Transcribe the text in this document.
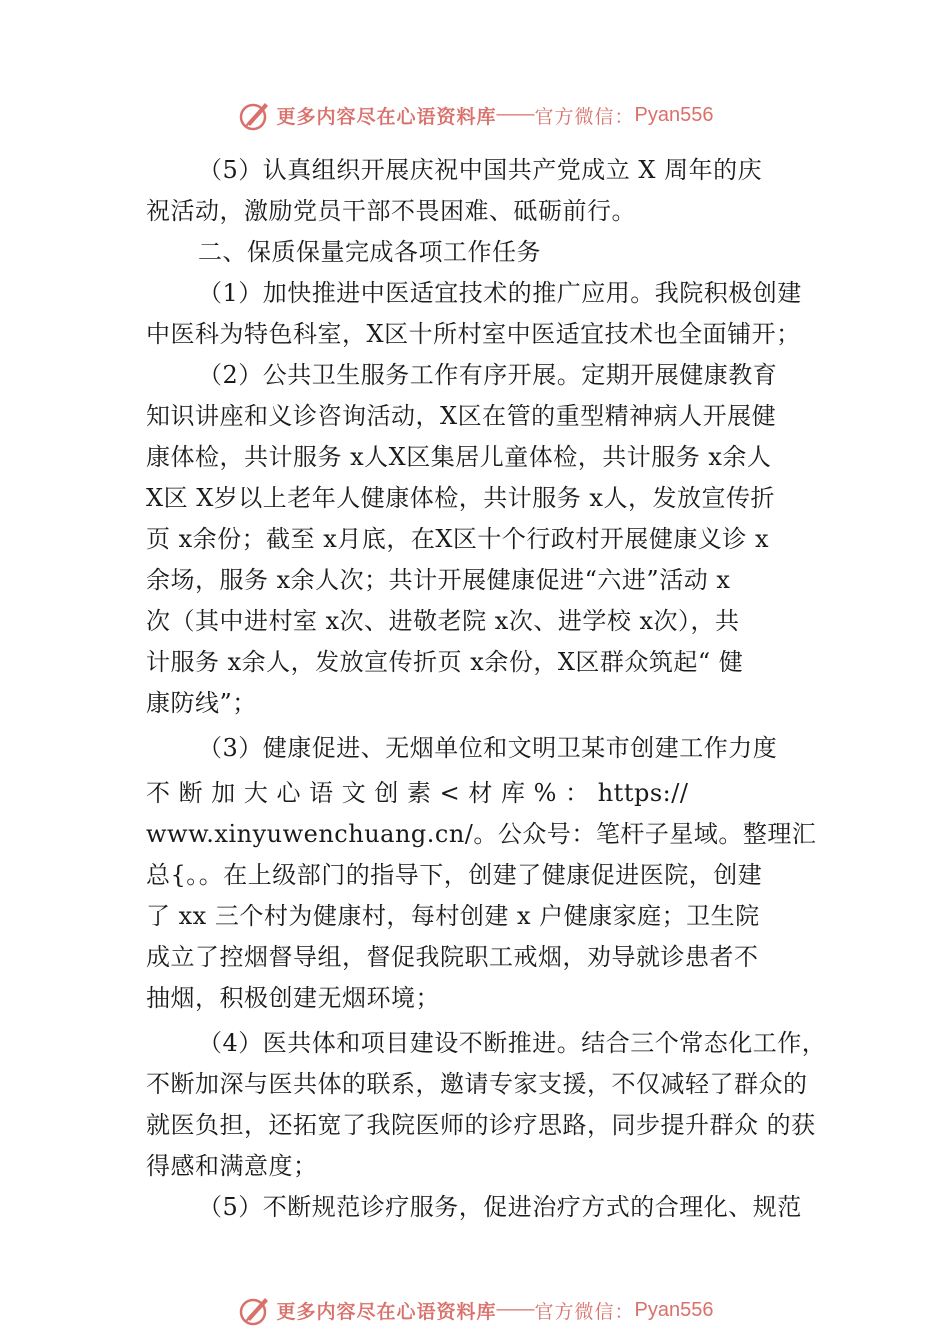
更多内容尽在心语资料库 —— 官方微信： Pyan556
（5）认真组织开展庆祝中国共产党成立 X 周年的庆
祝活动，激励党员干部不畏困难、砥砺前行。
二、保质保量完成各项工作任务
（1）加快推进中医适宜技术的推广应用。我院积极创建
中医科为特色科室，X区十所村室中医适宜技术也全面铺开；
（2）公共卫生服务工作有序开展。定期开展健康教育
知识讲座和义诊咨询活动，X区在管的重型精神病人开展健
康体检，共计服务 x人X区集居儿童体检，共计服务 x余人
X区 X岁以上老年人健康体检，共计服务 x人，发放宣传折
页 x余份；截至 x月底，在X区十个行政村开展健康义诊 x
余场，服务 x余人次；共计开展健康促进“六进”活动 x
次（其中进村室 x次、进敬老院 x次、进学校 x次），共
计服务 x余人，发放宣传折页 x余份，X区群众筑起“ 健
康防线”；
（3）健康促进、无烟单位和文明卫某市创建工作力度
不 断 加 大 心 语 文 创 素 < 材 库 % ： https://
www.xinyuwenchuang.cn/。公众号：笔杆子星域。整理汇
总{。。在上级部门的指导下，创建了健康促进医院，创建
了 xx 三个村为健康村，每村创建 x 户健康家庭；卫生院
成立了控烟督导组，督促我院职工戒烟，劝导就诊患者不
抽烟，积极创建无烟环境；
（4）医共体和项目建设不断推进。结合三个常态化工作，
不断加深与医共体的联系，邀请专家支援，不仅减轻了群众的
就医负担，还拓宽了我院医师的诊疗思路，同步提升群众 的获
得感和满意度；
（5）不断规范诊疗服务，促进治疗方式的合理化、规范
更多内容尽在心语资料库 —— 官方微信： Pyan556
